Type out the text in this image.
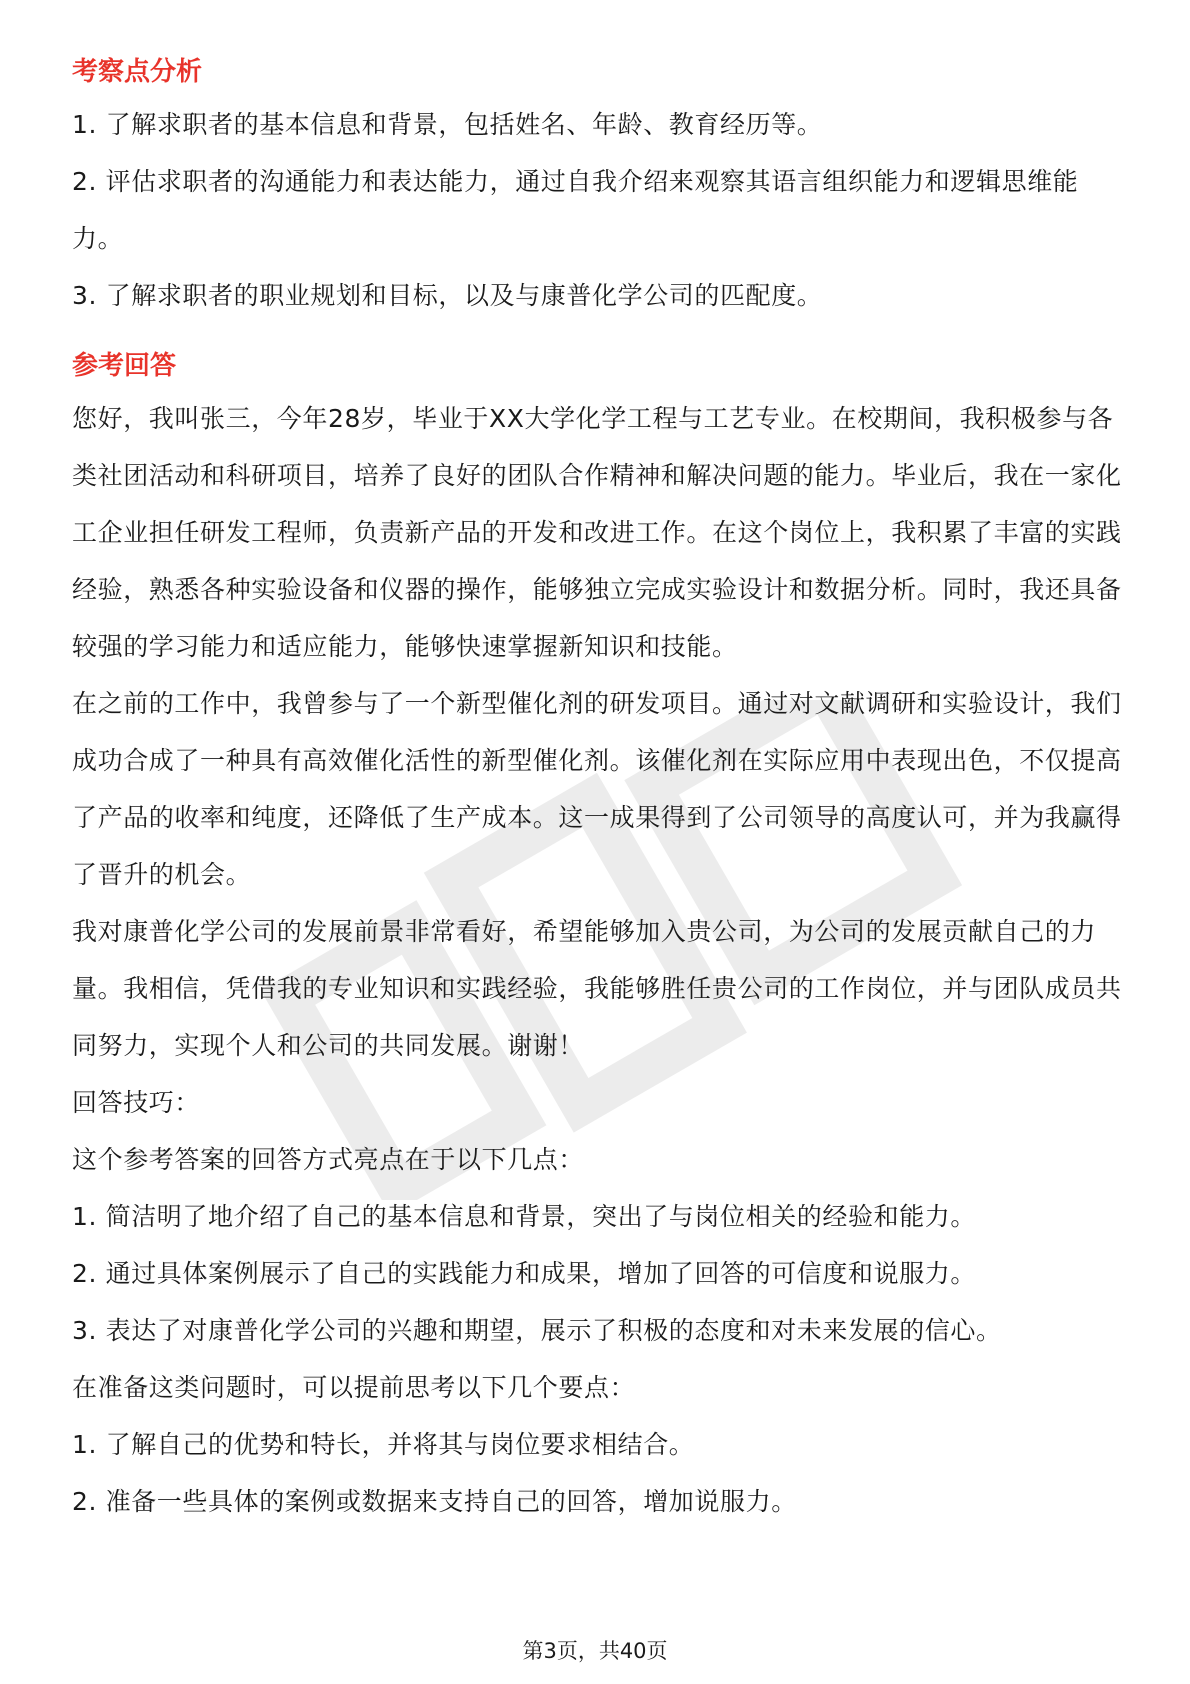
考察点分析

1. 了解求职者的基本信息和背景，包括姓名、年龄、教育经历等。

2. 评估求职者的沟通能力和表达能力，通过自我介绍来观察其语言组织能力和逻辑思维能力。

3. 了解求职者的职业规划和目标，以及与康普化学公司的匹配度。

参考回答

您好，我叫张三，今年28岁，毕业于XX大学化学工程与工艺专业。在校期间，我积极参与各类社团活动和科研项目，培养了良好的团队合作精神和解决问题的能力。毕业后，我在一家化工企业担任研发工程师，负责新产品的开发和改进工作。在这个岗位上，我积累了丰富的实践经验，熟悉各种实验设备和仪器的操作，能够独立完成实验设计和数据分析。同时，我还具备较强的学习能力和适应能力，能够快速掌握新知识和技能。

在之前的工作中，我曾参与了一个新型催化剂的研发项目。通过对文献调研和实验设计，我们成功合成了一种具有高效催化活性的新型催化剂。该催化剂在实际应用中表现出色，不仅提高了产品的收率和纯度，还降低了生产成本。这一成果得到了公司领导的高度认可，并为我赢得了晋升的机会。

我对康普化学公司的发展前景非常看好，希望能够加入贵公司，为公司的发展贡献自己的力量。我相信，凭借我的专业知识和实践经验，我能够胜任贵公司的工作岗位，并与团队成员共同努力，实现个人和公司的共同发展。谢谢！

回答技巧：

这个参考答案的回答方式亮点在于以下几点：

1. 简洁明了地介绍了自己的基本信息和背景，突出了与岗位相关的经验和能力。

2. 通过具体案例展示了自己的实践能力和成果，增加了回答的可信度和说服力。

3. 表达了对康普化学公司的兴趣和期望，展示了积极的态度和对未来发展的信心。

在准备这类问题时，可以提前思考以下几个要点：

1. 了解自己的优势和特长，并将其与岗位要求相结合。

2. 准备一些具体的案例或数据来支持自己的回答，增加说服力。

第3页，共40页
